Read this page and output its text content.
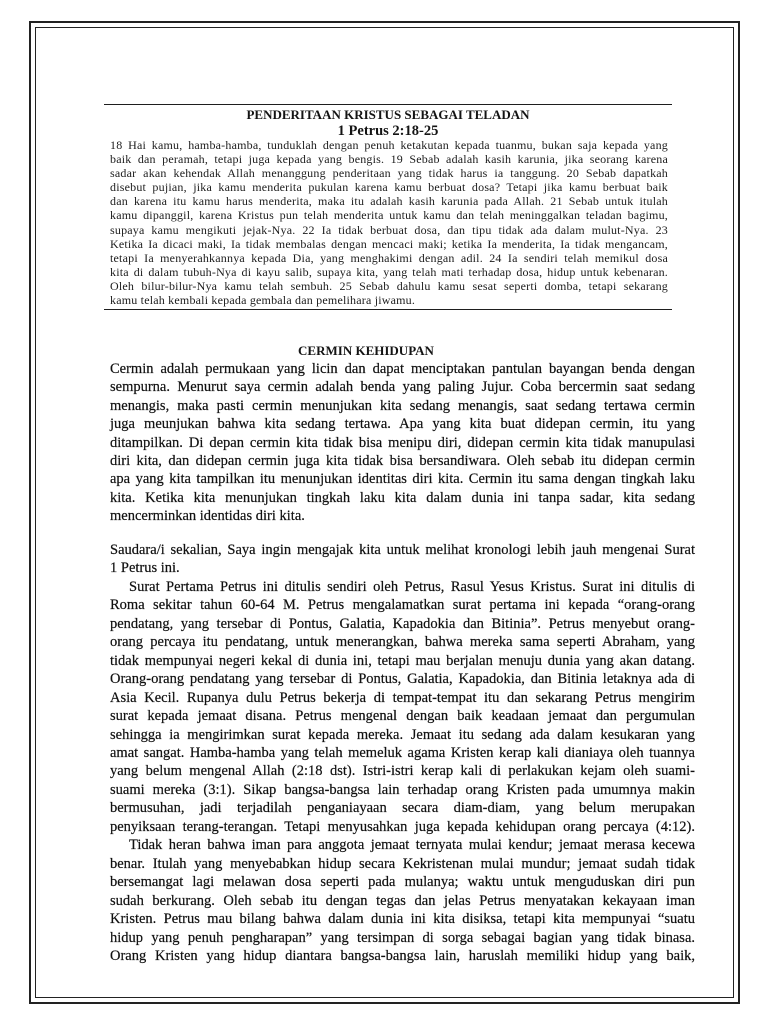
PENDERITAAN KRISTUS SEBAGAI TELADAN
1 Petrus 2:18-25
18 Hai kamu, hamba-hamba, tunduklah dengan penuh ketakutan kepada tuanmu, bukan saja kepada yang
baik dan peramah, tetapi juga kepada yang bengis. 19 Sebab adalah kasih karunia, jika seorang karena
sadar akan kehendak Allah menanggung penderitaan yang tidak harus ia tanggung. 20 Sebab dapatkah
disebut pujian, jika kamu menderita pukulan karena kamu berbuat dosa? Tetapi jika kamu berbuat baik
dan karena itu kamu harus menderita, maka itu adalah kasih karunia pada Allah. 21 Sebab untuk itulah
kamu dipanggil, karena Kristus pun telah menderita untuk kamu dan telah meninggalkan teladan bagimu,
supaya kamu mengikuti jejak-Nya. 22 Ia tidak berbuat dosa, dan tipu tidak ada dalam mulut-Nya. 23
Ketika Ia dicaci maki, Ia tidak membalas dengan mencaci maki; ketika Ia menderita, Ia tidak mengancam,
tetapi Ia menyerahkannya kepada Dia, yang menghakimi dengan adil. 24 Ia sendiri telah memikul dosa
kita di dalam tubuh-Nya di kayu salib, supaya kita, yang telah mati terhadap dosa, hidup untuk kebenaran.
Oleh bilur-bilur-Nya kamu telah sembuh. 25 Sebab dahulu kamu sesat seperti domba, tetapi sekarang
kamu telah kembali kepada gembala dan pemelihara jiwamu.
CERMIN KEHIDUPAN
Cermin adalah permukaan yang licin dan dapat menciptakan pantulan bayangan benda dengan
sempurna. Menurut saya cermin adalah benda yang paling Jujur. Coba bercermin saat sedang
menangis, maka pasti cermin menunjukan kita sedang menangis, saat sedang tertawa cermin
juga meunjukan bahwa kita sedang tertawa. Apa yang kita buat didepan cermin, itu yang
ditampilkan. Di depan cermin kita tidak bisa menipu diri, didepan cermin kita tidak manupulasi
diri kita, dan didepan cermin juga kita tidak bisa bersandiwara. Oleh sebab itu didepan cermin
apa yang kita tampilkan itu menunjukan identitas diri kita. Cermin itu sama dengan tingkah laku
kita. Ketika kita menunjukan tingkah laku kita dalam dunia ini tanpa sadar, kita sedang
mencerminkan identidas diri kita.
Saudara/i sekalian, Saya ingin mengajak kita untuk melihat kronologi lebih jauh mengenai Surat
1 Petrus ini.
Surat Pertama Petrus ini ditulis sendiri oleh Petrus, Rasul Yesus Kristus. Surat ini ditulis di
Roma sekitar tahun 60-64 M. Petrus mengalamatkan surat pertama ini kepada “orang-orang
pendatang, yang tersebar di Pontus, Galatia, Kapadokia dan Bitinia”. Petrus menyebut orang-
orang percaya itu pendatang, untuk menerangkan, bahwa mereka sama seperti Abraham, yang
tidak mempunyai negeri kekal di dunia ini, tetapi mau berjalan menuju dunia yang akan datang.
Orang-orang pendatang yang tersebar di Pontus, Galatia, Kapadokia, dan Bitinia letaknya ada di
Asia Kecil. Rupanya dulu Petrus bekerja di tempat-tempat itu dan sekarang Petrus mengirim
surat kepada jemaat disana. Petrus mengenal dengan baik keadaan jemaat dan pergumulan
sehingga ia mengirimkan surat kepada mereka. Jemaat itu sedang ada dalam kesukaran yang
amat sangat. Hamba-hamba yang telah memeluk agama Kristen kerap kali dianiaya oleh tuannya
yang belum mengenal Allah (2:18 dst). Istri-istri kerap kali di perlakukan kejam oleh suami-
suami mereka (3:1). Sikap bangsa-bangsa lain terhadap orang Kristen pada umumnya makin
bermusuhan, jadi terjadilah penganiayaan secara diam-diam, yang belum merupakan
penyiksaan terang-terangan. Tetapi menyusahkan juga kepada kehidupan orang percaya (4:12).
Tidak heran bahwa iman para anggota jemaat ternyata mulai kendur; jemaat merasa kecewa
benar. Itulah yang menyebabkan hidup secara Kekristenan mulai mundur; jemaat sudah tidak
bersemangat lagi melawan dosa seperti pada mulanya; waktu untuk menguduskan diri pun
sudah berkurang. Oleh sebab itu dengan tegas dan jelas Petrus menyatakan kekayaan iman
Kristen. Petrus mau bilang bahwa dalam dunia ini kita disiksa, tetapi kita mempunyai “suatu
hidup yang penuh pengharapan” yang tersimpan di sorga sebagai bagian yang tidak binasa.
Orang Kristen yang hidup diantara bangsa-bangsa lain, haruslah memiliki hidup yang baik,
